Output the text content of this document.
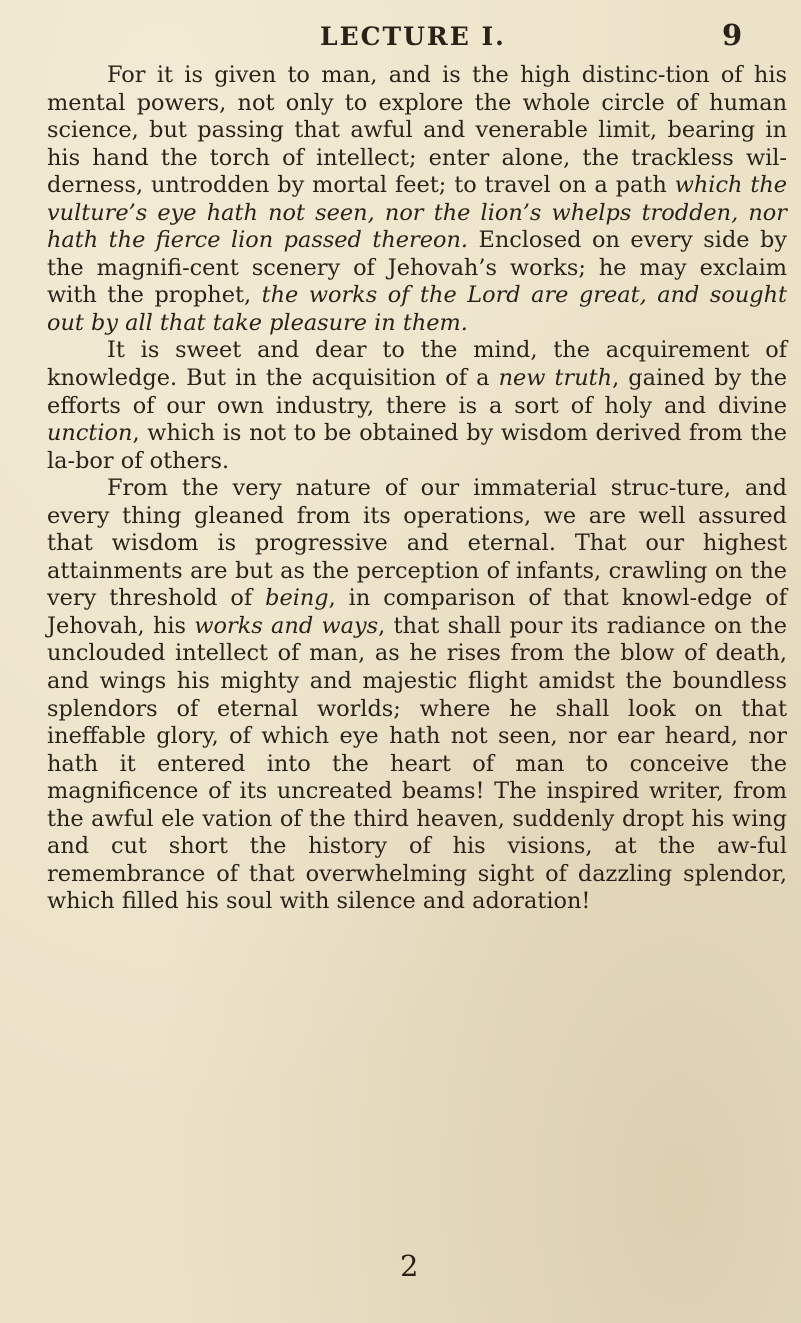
LECTURE I.	9

For it is given to man, and is the high distinc-tion of his mental powers, not only to explore the whole circle of human science, but passing that awful and venerable limit, bearing in his hand the torch of intellect; enter alone, the trackless wil-derness, untrodden by mortal feet; to travel on a path which the vulture’s eye hath not seen, nor the lion’s whelps trodden, nor hath the fierce lion passed thereon. Enclosed on every side by the magnifi-cent scenery of Jehovah’s works; he may exclaim with the prophet, the works of the Lord are great, and sought out by all that take pleasure in them.

It is sweet and dear to the mind, the acquirement of knowledge. But in the acquisition of a new truth, gained by the efforts of our own industry, there is a sort of holy and divine unction, which is not to be obtained by wisdom derived from the la-bor of others.

From the very nature of our immaterial struc-ture, and every thing gleaned from its operations, we are well assured that wisdom is progressive and eternal. That our highest attainments are but as the perception of infants, crawling on the very threshold of being, in comparison of that knowl-edge of Jehovah, his works and ways, that shall pour its radiance on the unclouded intellect of man, as he rises from the blow of death, and wings his mighty and majestic flight amidst the boundless splendors of eternal worlds; where he shall look on that ineffable glory, of which eye hath not seen, nor ear heard, nor hath it entered into the heart of man to conceive the magnificence of its uncreated beams! The inspired writer, from the awful ele vation of the third heaven, suddenly dropt his wing and cut short the history of his visions, at the aw-ful remembrance of that overwhelming sight of dazzling splendor, which filled his soul with silence and adoration!

2
